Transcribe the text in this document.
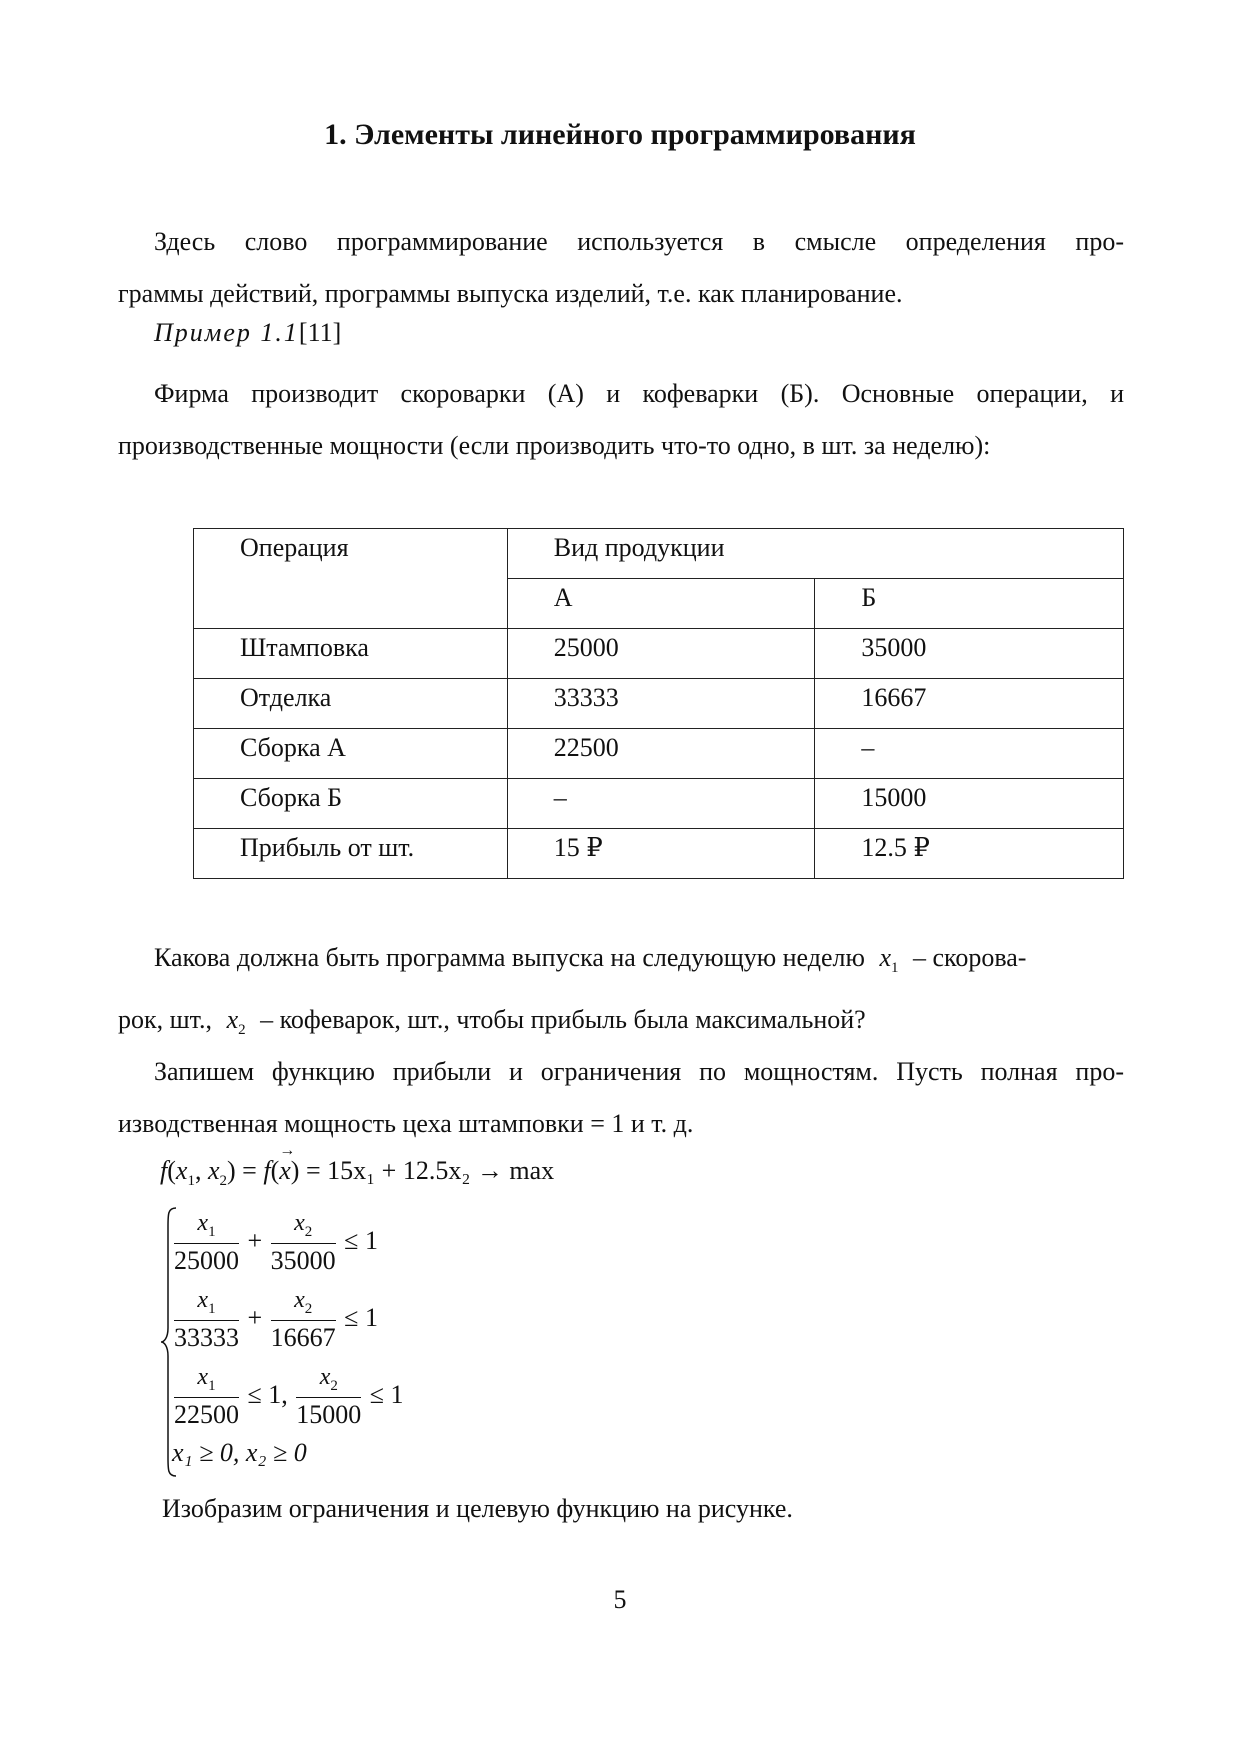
1. Элементы линейного программирования
Здесь слово программирование используется в смысле определения про-
граммы действий, программы выпуска изделий, т.е. как планирование.
Пример 1.1[11]
Фирма производит скороварки (А) и кофеварки (Б). Основные операции, и
производственные мощности (если производить что-то одно, в шт. за неделю):
Операция	Вид продукции	
	А	Б
Штамповка	25000	35000
Отделка	33333	16667
Сборка А	22500	–
Сборка Б	–	15000
Прибыль от шт.	15 ₽	12.5 ₽
Какова должна быть программа выпуска на следующую неделю $x_1$ – скорова-
рок, шт., $x_2$ – кофеварок, шт., чтобы прибыль была максимальной?
Запишем функцию прибыли и ограничения по мощностям. Пусть полная про-
изводственная мощность цеха штамповки = 1 и т. д.
$f(x_1$, $x_2) = f(x$
→
) = 15x₁ + 12.5x₂ → max
$\frac{x_1}{25000} + \frac{x_2}{35000} \le 1$
$\frac{x_1}{33333} + \frac{x_2}{16667} \le 1$
$\frac{x_1}{22500} \le 1$, $\frac{x_2}{15000} \le 1$
x₁ ≥ 0, x₂ ≥ 0
Изобразим ограничения и целевую функцию на рисунке.
5
